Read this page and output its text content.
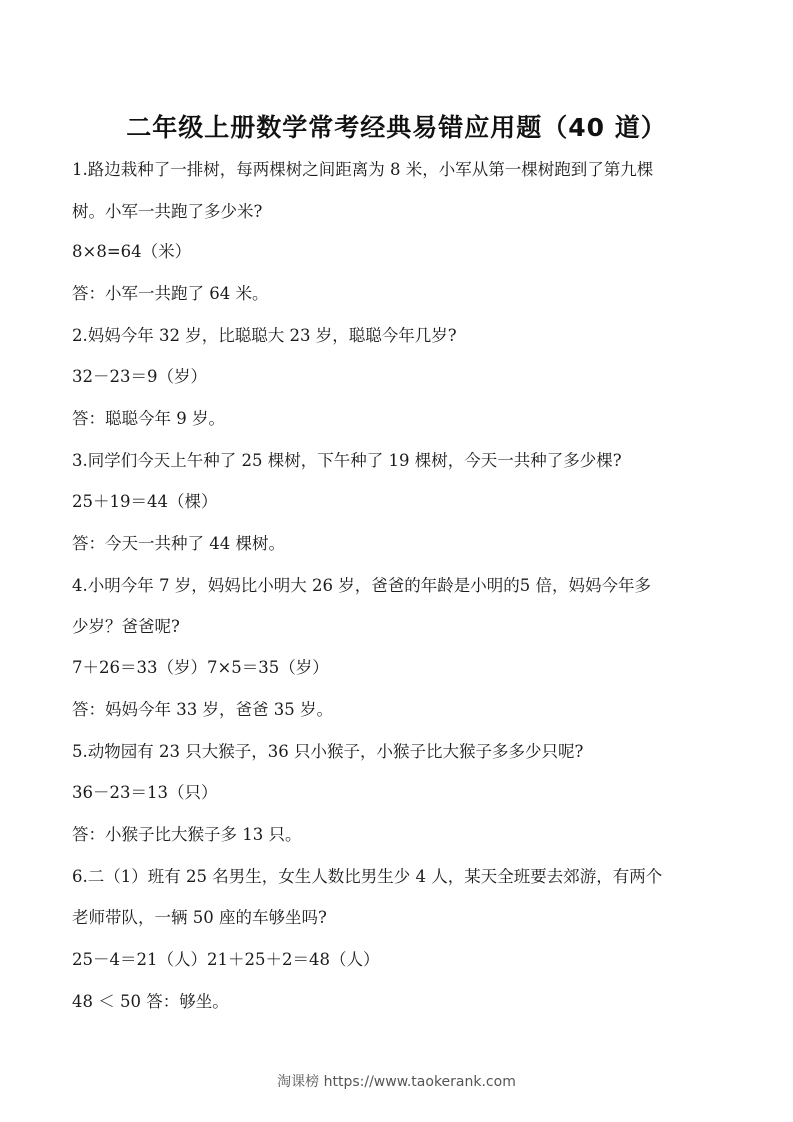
二年级上册数学常考经典易错应用题（40 道）
1.路边栽种了一排树，每两棵树之间距离为 8 米，小军从第一棵树跑到了第九棵
树。小军一共跑了多少米?
8×8=64（米）
答：小军一共跑了 64 米。
2.妈妈今年 32 岁，比聪聪大 23 岁，聪聪今年几岁?
32－23＝9（岁）
答：聪聪今年 9 岁。
3.同学们今天上午种了 25 棵树，下午种了 19 棵树，今天一共种了多少棵?
25＋19＝44（棵）
答：今天一共种了 44 棵树。
4.小明今年 7 岁，妈妈比小明大 26 岁，爸爸的年龄是小明的5 倍，妈妈今年多
少岁？爸爸呢?
7＋26＝33（岁）7×5＝35（岁）
答：妈妈今年 33 岁，爸爸 35 岁。
5.动物园有 23 只大猴子，36 只小猴子，小猴子比大猴子多多少只呢?
36－23＝13（只）
答：小猴子比大猴子多 13 只。
6.二（1）班有 25 名男生，女生人数比男生少 4 人，某天全班要去郊游，有两个
老师带队，一辆 50 座的车够坐吗?
25－4＝21（人）21＋25＋2＝48（人）
48 ＜ 50 答：够坐。
淘课榜 https://www.taokerank.com
